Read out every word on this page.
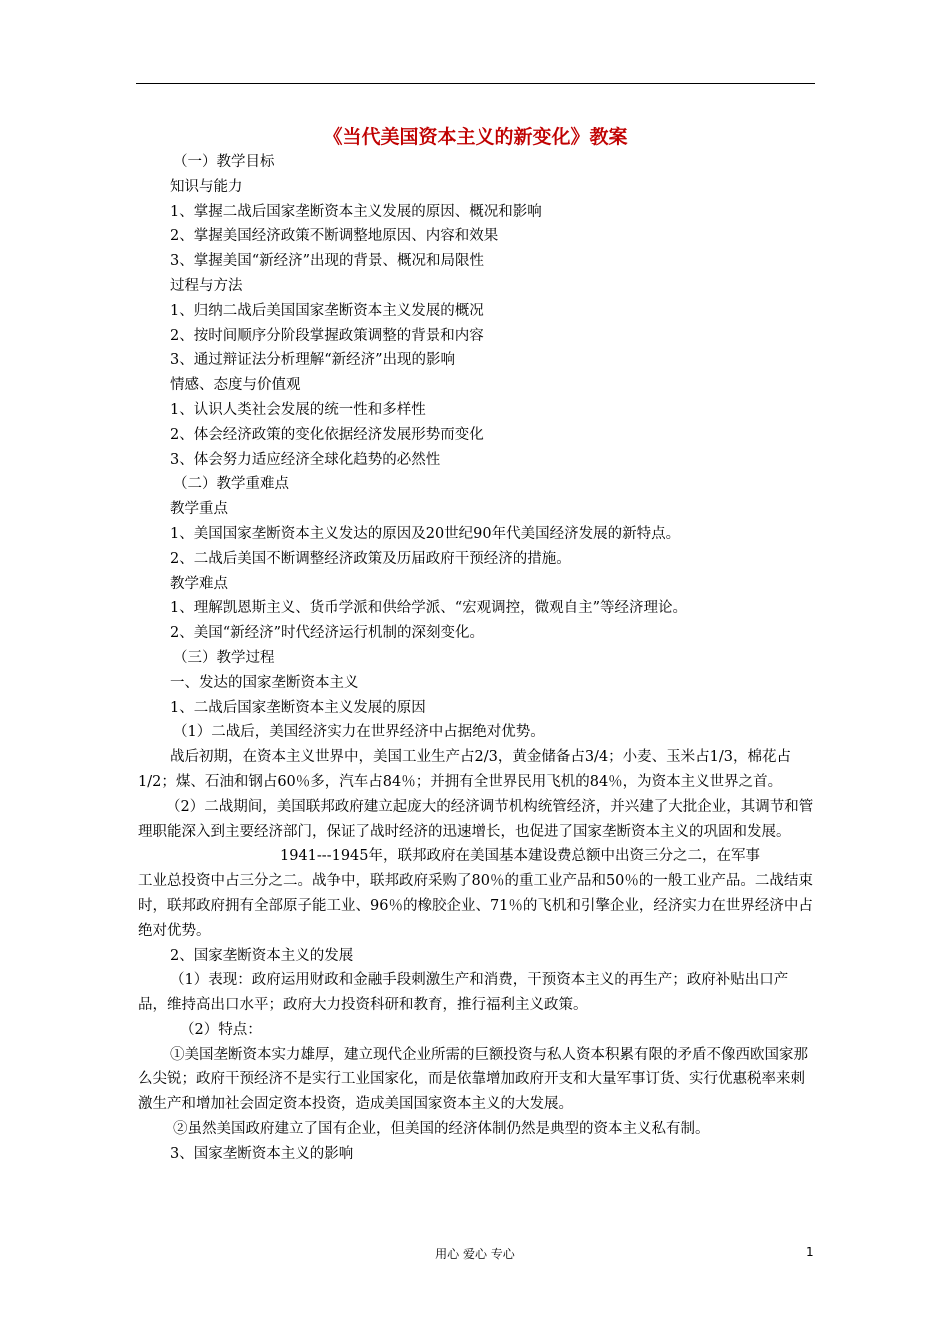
《当代美国资本主义的新变化》教案
（一）教学目标
知识与能力
1、掌握二战后国家垄断资本主义发展的原因、概况和影响
2、掌握美国经济政策不断调整地原因、内容和效果
3、掌握美国“新经济”出现的背景、概况和局限性
过程与方法
1、归纳二战后美国国家垄断资本主义发展的概况
2、按时间顺序分阶段掌握政策调整的背景和内容
3、通过辩证法分析理解“新经济”出现的影响
情感、态度与价值观
1、认识人类社会发展的统一性和多样性
2、体会经济政策的变化依据经济发展形势而变化
3、体会努力适应经济全球化趋势的必然性
（二）教学重难点
教学重点
1、美国国家垄断资本主义发达的原因及20世纪90年代美国经济发展的新特点。
2、二战后美国不断调整经济政策及历届政府干预经济的措施。
教学难点
1、理解凯恩斯主义、货币学派和供给学派、“宏观调控，微观自主”等经济理论。
2、美国“新经济”时代经济运行机制的深刻变化。
（三）教学过程
一、发达的国家垄断资本主义
1、二战后国家垄断资本主义发展的原因
（1）二战后，美国经济实力在世界经济中占据绝对优势。
战后初期，在资本主义世界中，美国工业生产占2/3，黄金储备占3/4；小麦、玉米占1/3，棉花占1/2；煤、石油和钢占60％多，汽车占84％；并拥有全世界民用飞机的84％，为资本主义世界之首。
（2）二战期间，美国联邦政府建立起庞大的经济调节机构统管经济，并兴建了大批企业，其调节和管理职能深入到主要经济部门，保证了战时经济的迅速增长，也促进了国家垄断资本主义的巩固和发展。
1941---1945年，联邦政府在美国基本建设费总额中出资三分之二，在军事
工业总投资中占三分之二。战争中，联邦政府采购了80％的重工业产品和50％的一般工业产品。二战结束时，联邦政府拥有全部原子能工业、96％的橡胶企业、71％的飞机和引擎企业，经济实力在世界经济中占绝对优势。
2、国家垄断资本主义的发展
（1）表现：政府运用财政和金融手段刺激生产和消费，干预资本主义的再生产；政府补贴出口产品，维持高出口水平；政府大力投资科研和教育，推行福利主义政策。
（2）特点：
①美国垄断资本实力雄厚，建立现代企业所需的巨额投资与私人资本积累有限的矛盾不像西欧国家那么尖锐；政府干预经济不是实行工业国家化，而是依靠增加政府开支和大量军事订货、实行优惠税率来刺激生产和增加社会固定资本投资，造成美国国家资本主义的大发展。
②虽然美国政府建立了国有企业，但美国的经济体制仍然是典型的资本主义私有制。
3、国家垄断资本主义的影响
用心 爱心 专心	1
